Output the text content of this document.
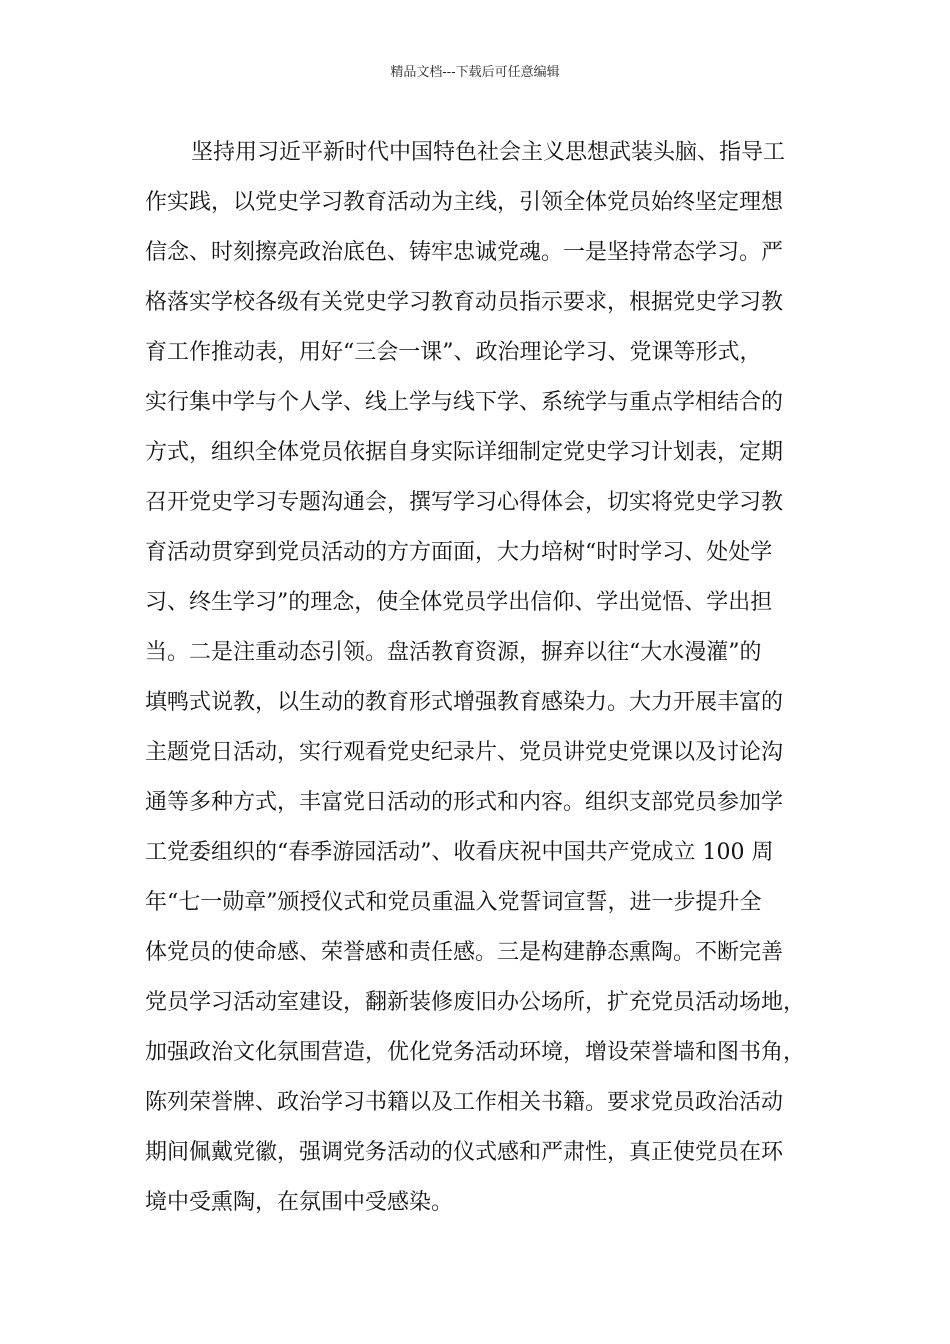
精品文档---下载后可任意编辑
坚持用习近平新时代中国特色社会主义思想武装头脑、指导工
作实践，以党史学习教育活动为主线，引领全体党员始终坚定理想
信念、时刻擦亮政治底色、铸牢忠诚党魂。一是坚持常态学习。严
格落实学校各级有关党史学习教育动员指示要求，根据党史学习教
育工作推动表，用好“三会一课”、政治理论学习、党课等形式，
实行集中学与个人学、线上学与线下学、系统学与重点学相结合的
方式，组织全体党员依据自身实际详细制定党史学习计划表，定期
召开党史学习专题沟通会，撰写学习心得体会，切实将党史学习教
育活动贯穿到党员活动的方方面面，大力培树“时时学习、处处学
习、终生学习”的理念，使全体党员学出信仰、学出觉悟、学出担
当。二是注重动态引领。盘活教育资源，摒弃以往“大水漫灌”的
填鸭式说教，以生动的教育形式增强教育感染力。大力开展丰富的
主题党日活动，实行观看党史纪录片、党员讲党史党课以及讨论沟
通等多种方式，丰富党日活动的形式和内容。组织支部党员参加学
工党委组织的“春季游园活动”、收看庆祝中国共产党成立 100 周
年“七一勋章”颁授仪式和党员重温入党誓词宣誓，进一步提升全
体党员的使命感、荣誉感和责任感。三是构建静态熏陶。不断完善
党员学习活动室建设，翻新装修废旧办公场所，扩充党员活动场地，
加强政治文化氛围营造，优化党务活动环境，增设荣誉墙和图书角，
陈列荣誉牌、政治学习书籍以及工作相关书籍。要求党员政治活动
期间佩戴党徽，强调党务活动的仪式感和严肃性，真正使党员在环
境中受熏陶，在氛围中受感染。
